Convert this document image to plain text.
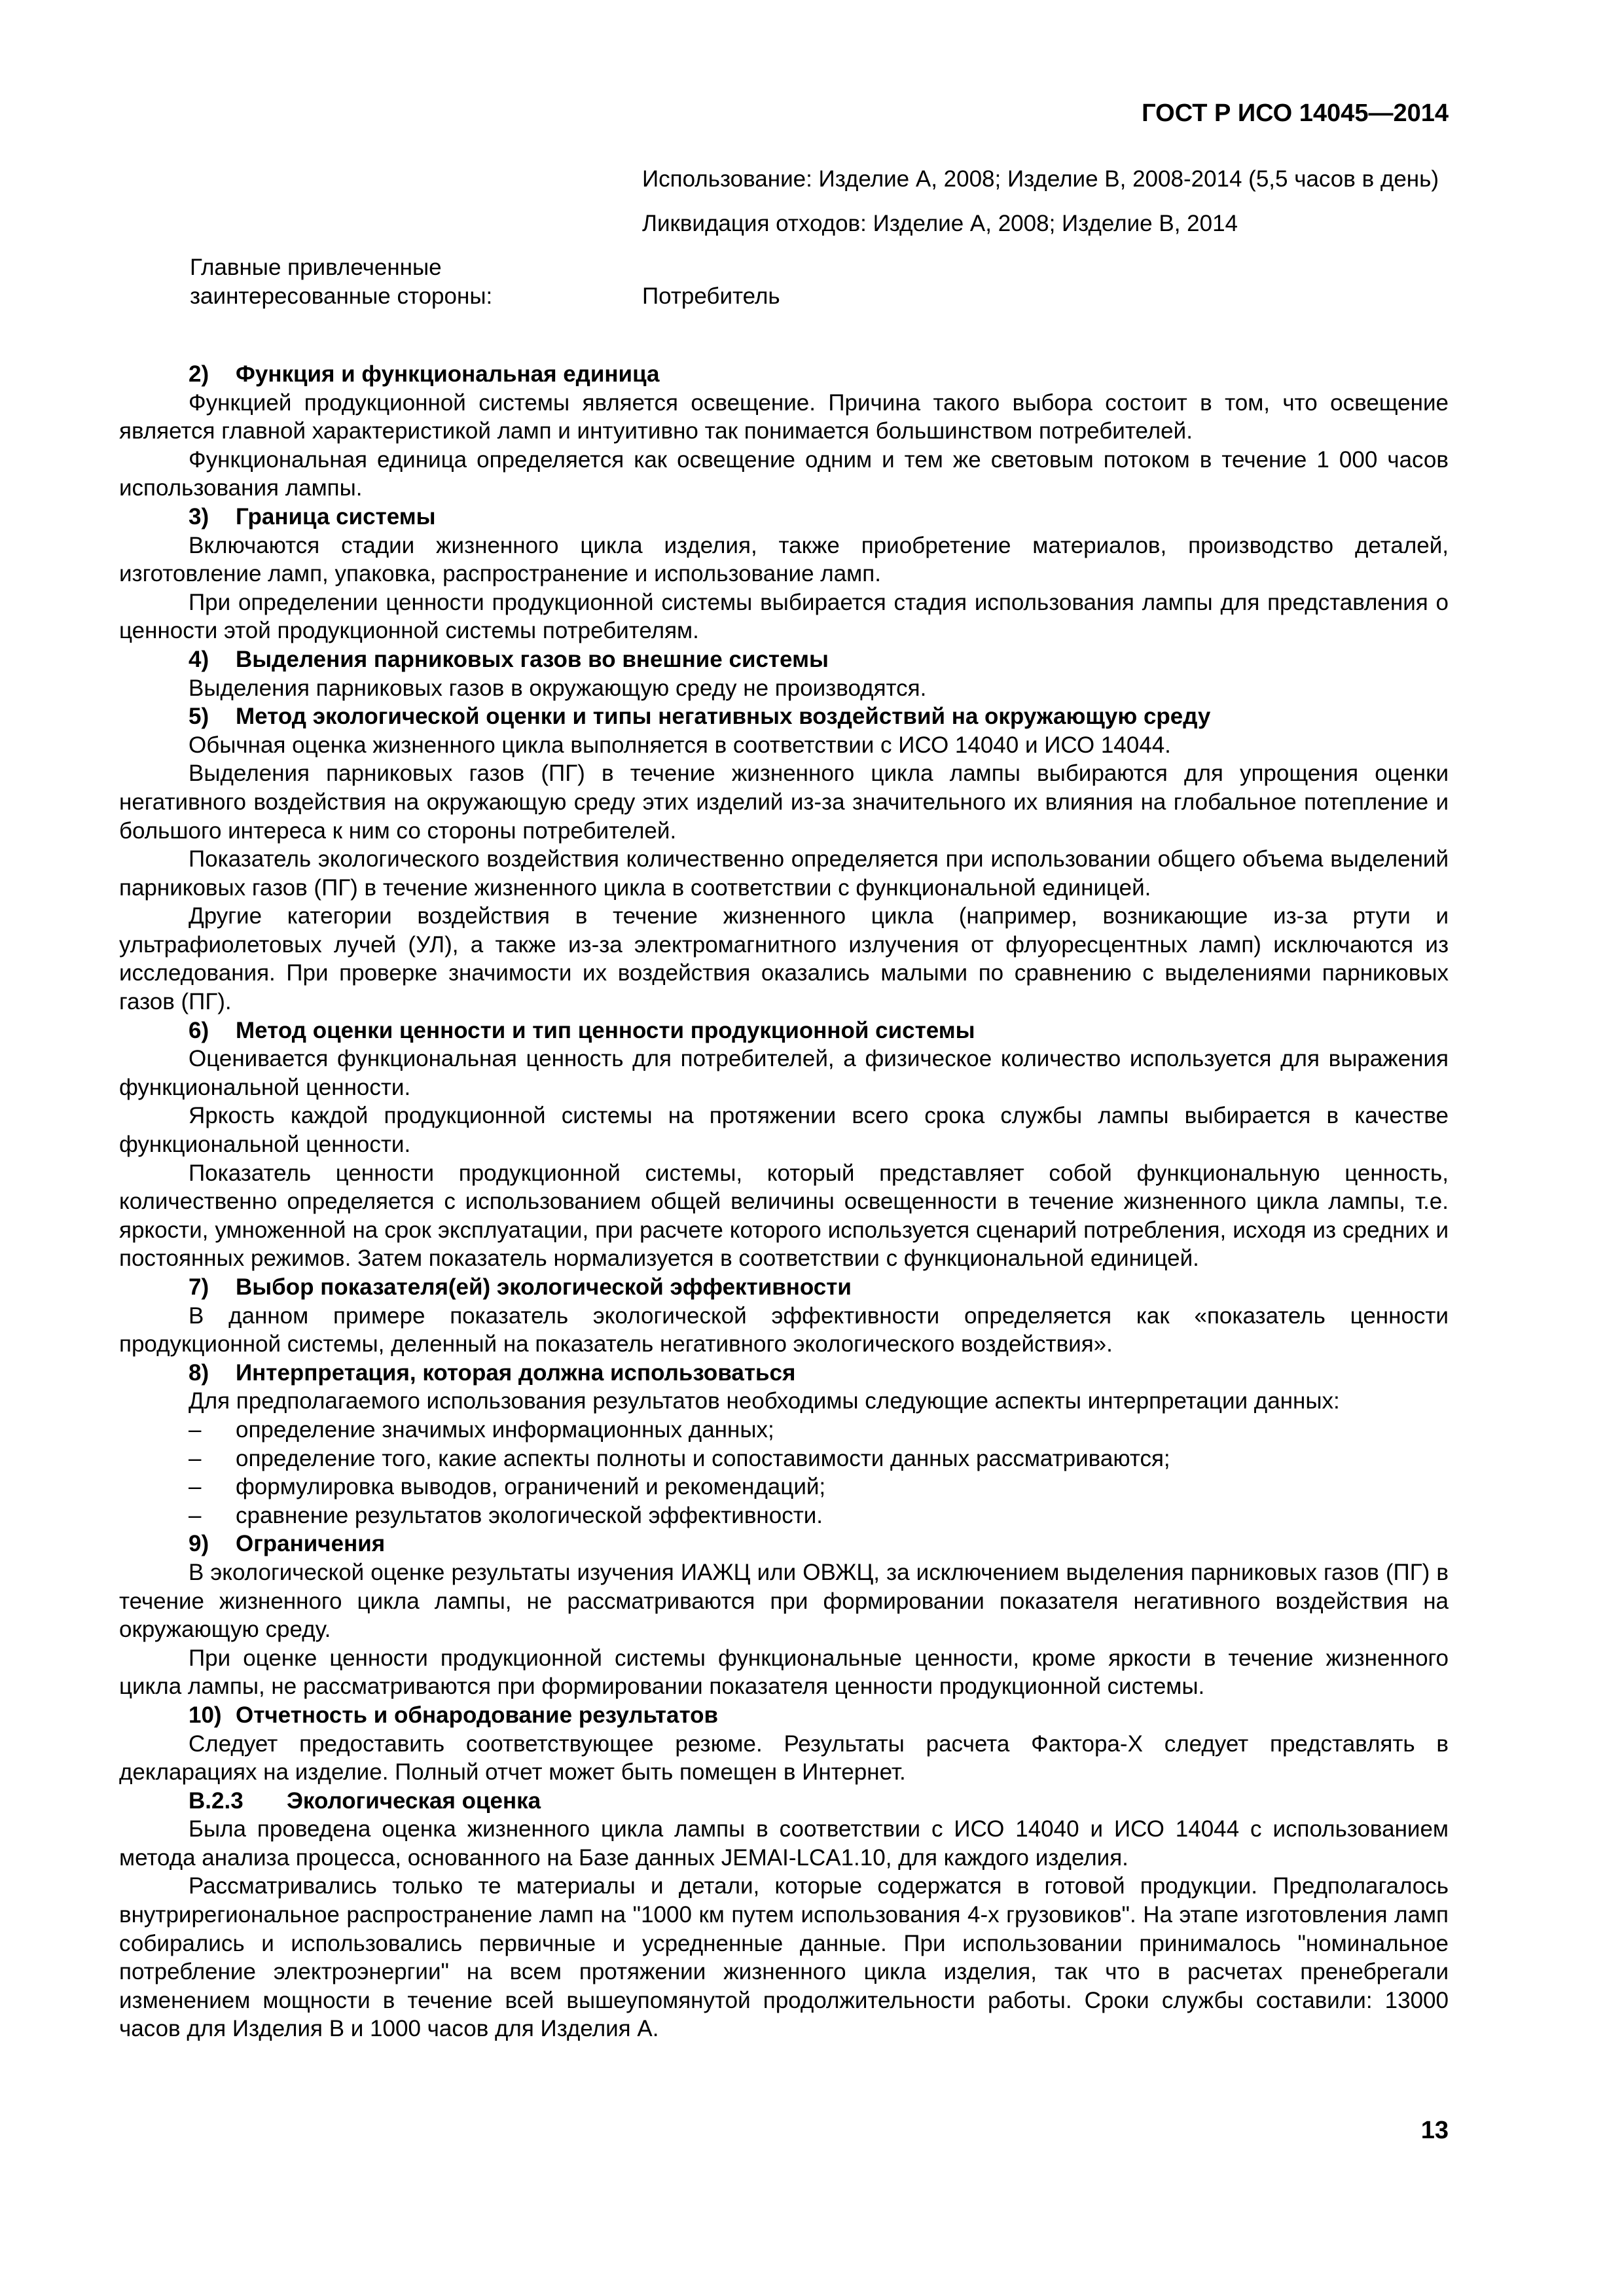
ГОСТ Р ИСО 14045—2014

Использование: Изделие А, 2008; Изделие В, 2008-2014 (5,5 часов в день)

Ликвидация отходов: Изделие А, 2008; Изделие В, 2014

Главные привлеченные заинтересованные стороны:	Потребитель
2) Функция и функциональная единица

Функцией продукционной системы является освещение. Причина такого выбора состоит в том, что освещение является главной характеристикой ламп и интуитивно так понимается большинством потребителей.

Функциональная единица определяется как освещение одним и тем же световым потоком в течение 1 000 часов использования лампы.

3) Граница системы

Включаются стадии жизненного цикла изделия, также приобретение материалов, производство деталей, изготовление ламп, упаковка, распространение и использование ламп.

При определении ценности продукционной системы выбирается стадия использования лампы для представления о ценности этой продукционной системы потребителям.

4) Выделения парниковых газов во внешние системы

Выделения парниковых газов в окружающую среду не производятся.

5) Метод экологической оценки и типы негативных воздействий на окружающую среду

Обычная оценка жизненного цикла выполняется в соответствии с ИСО 14040 и ИСО 14044.

Выделения парниковых газов (ПГ) в течение жизненного цикла лампы выбираются для упрощения оценки негативного воздействия на окружающую среду этих изделий из-за значительного их влияния на глобальное потепление и большого интереса к ним со стороны потребителей.

Показатель экологического воздействия количественно определяется при использовании общего объема выделений парниковых газов (ПГ) в течение жизненного цикла в соответствии с функциональной единицей.

Другие категории воздействия в течение жизненного цикла (например, возникающие из-за ртути и ультрафиолетовых лучей (УЛ), а также из-за электромагнитного излучения от флуоресцентных ламп) исключаются из исследования. При проверке значимости их воздействия оказались малыми по сравнению с выделениями парниковых газов (ПГ).

6) Метод оценки ценности и тип ценности продукционной системы

Оценивается функциональная ценность для потребителей, а физическое количество используется для выражения функциональной ценности.

Яркость каждой продукционной системы на протяжении всего срока службы лампы выбирается в качестве функциональной ценности.

Показатель ценности продукционной системы, который представляет собой функциональную ценность, количественно определяется с использованием общей величины освещенности в течение жизненного цикла лампы, т.е. яркости, умноженной на срок эксплуатации, при расчете которого используется сценарий потребления, исходя из средних и постоянных режимов. Затем показатель нормализуется в соответствии с функциональной единицей.

7) Выбор показателя(ей) экологической эффективности

В данном примере показатель экологической эффективности определяется как «показатель ценности продукционной системы, деленный на показатель негативного экологического воздействия».

8) Интерпретация, которая должна использоваться

Для предполагаемого использования результатов необходимы следующие аспекты интерпретации данных:

–	определение значимых информационных данных;
–	определение того, какие аспекты полноты и сопоставимости данных рассматриваются;
–	формулировка выводов, ограничений и рекомендаций;
–	сравнение результатов экологической эффективности.
9) Ограничения

В экологической оценке результаты изучения ИАЖЦ или ОВЖЦ, за исключением выделения парниковых газов (ПГ) в течение жизненного цикла лампы, не рассматриваются при формировании показателя негативного воздействия на окружающую среду.

При оценке ценности продукционной системы функциональные ценности, кроме яркости в течение жизненного цикла лампы, не рассматриваются при формировании показателя ценности продукционной системы.

10) Отчетность и обнародование результатов

Следует предоставить соответствующее резюме. Результаты расчета Фактора-Х следует представлять в декларациях на изделие. Полный отчет может быть помещен в Интернет.

B.2.3 Экологическая оценка

Была проведена оценка жизненного цикла лампы в соответствии с ИСО 14040 и ИСО 14044 с использованием метода анализа процесса, основанного на Базе данных JEMAI-LCA1.10, для каждого изделия.

Рассматривались только те материалы и детали, которые содержатся в готовой продукции. Предполагалось внутрирегиональное распространение ламп на "1000 км путем использования 4-х грузовиков". На этапе изготовления ламп собирались и использовались первичные и усредненные данные. При использовании принималось "номинальное потребление электроэнергии" на всем протяжении жизненного цикла изделия, так что в расчетах пренебрегали изменением мощности в течение всей вышеупомянутой продолжительности работы. Сроки службы составили: 13000 часов для Изделия В и 1000 часов для Изделия А.

13
